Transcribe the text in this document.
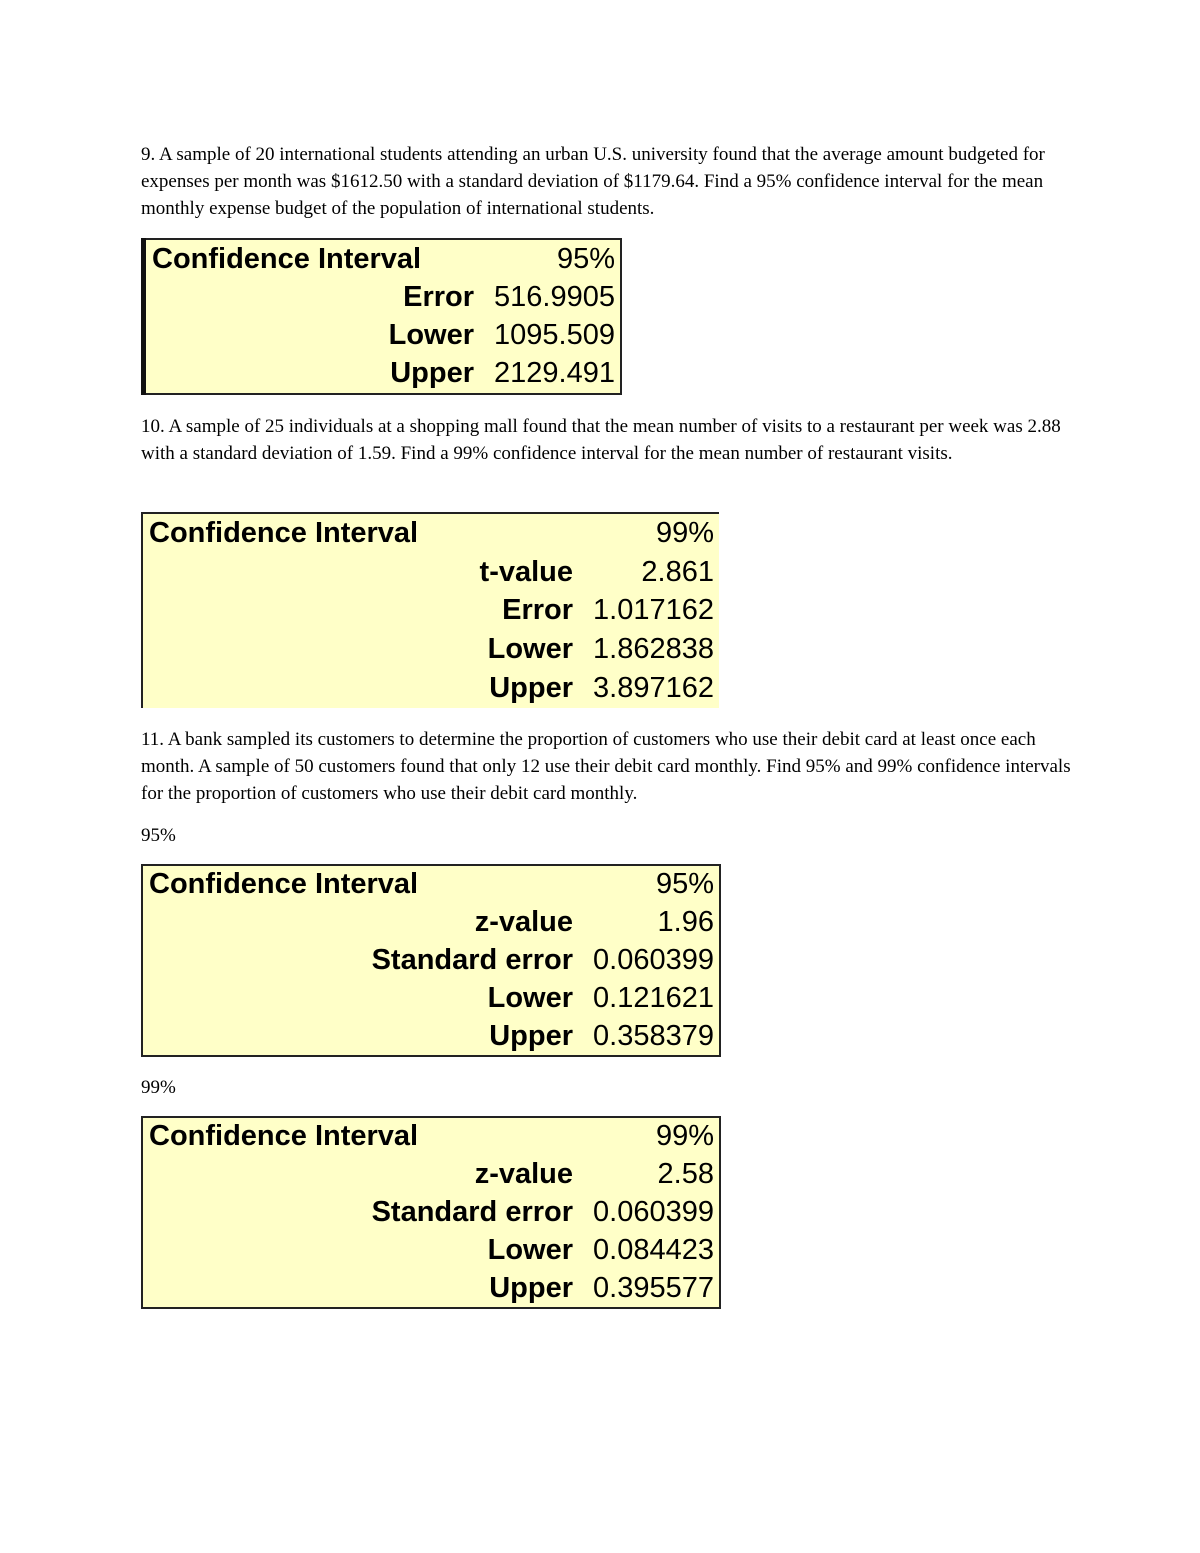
9. A sample of 20 international students attending an urban U.S. university found that the average amount budgeted for expenses per month was $1612.50 with a standard deviation of $1179.64. Find a 95% confidence interval for the mean monthly expense budget of the population of international students.

Confidence Interval	95%
Error	516.9905
Lower	1095.509
Upper	2129.491

10. A sample of 25 individuals at a shopping mall found that the mean number of visits to a restaurant per week was 2.88 with a standard deviation of 1.59. Find a 99% confidence interval for the mean number of restaurant visits.

Confidence Interval	99%
t-value	2.861
Error	1.017162
Lower	1.862838
Upper	3.897162

11. A bank sampled its customers to determine the proportion of customers who use their debit card at least once each month. A sample of 50 customers found that only 12 use their debit card monthly. Find 95% and 99% confidence intervals for the proportion of customers who use their debit card monthly.

95%

Confidence Interval	95%
z-value	1.96
Standard error	0.060399
Lower	0.121621
Upper	0.358379

99%

Confidence Interval	99%
z-value	2.58
Standard error	0.060399
Lower	0.084423
Upper	0.395577
